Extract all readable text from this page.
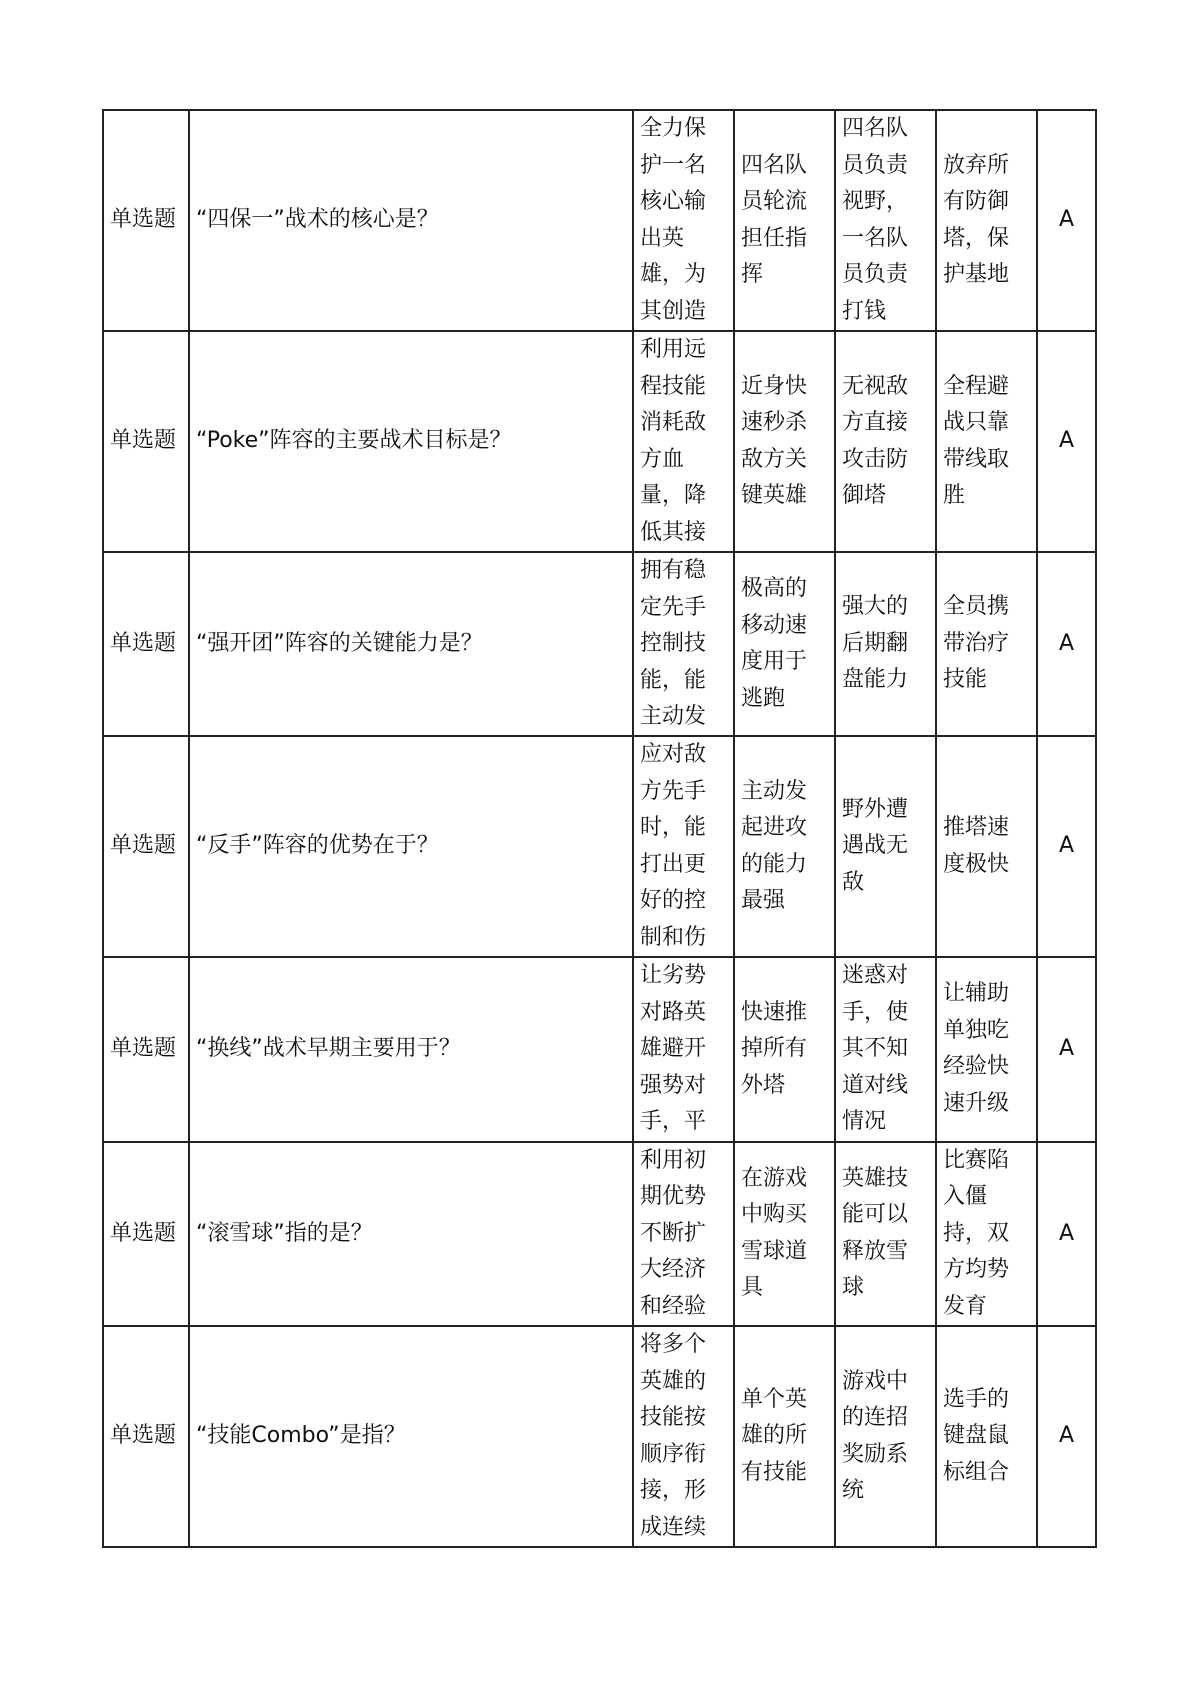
单选题	“四保一”战术的核心是？	全力保护一名核心输出英雄，为其创造	四名队员轮流担任指挥	四名队员负责视野，一名队员负责打钱	放弃所有防御塔，保护基地	A
单选题	“Poke”阵容的主要战术目标是？	利用远程技能消耗敌方血量，降低其接	近身快速秒杀敌方关键英雄	无视敌方直接攻击防御塔	全程避战只靠带线取胜	A
单选题	“强开团”阵容的关键能力是？	拥有稳定先手控制技能，能主动发	极高的移动速度用于逃跑	强大的后期翻盘能力	全员携带治疗技能	A
单选题	“反手”阵容的优势在于？	应对敌方先手时，能打出更好的控制和伤	主动发起进攻的能力最强	野外遭遇战无敌	推塔速度极快	A
单选题	“换线”战术早期主要用于？	让劣势对路英雄避开强势对手，平	快速推掉所有外塔	迷惑对手，使其不知道对线情况	让辅助单独吃经验快速升级	A
单选题	“滚雪球”指的是？	利用初期优势不断扩大经济和经验	在游戏中购买雪球道具	英雄技能可以释放雪球	比赛陷入僵持，双方均势发育	A
单选题	“技能Combo”是指？	将多个英雄的技能按顺序衔接，形成连续	单个英雄的所有技能	游戏中的连招奖励系统	选手的键盘鼠标组合	A
